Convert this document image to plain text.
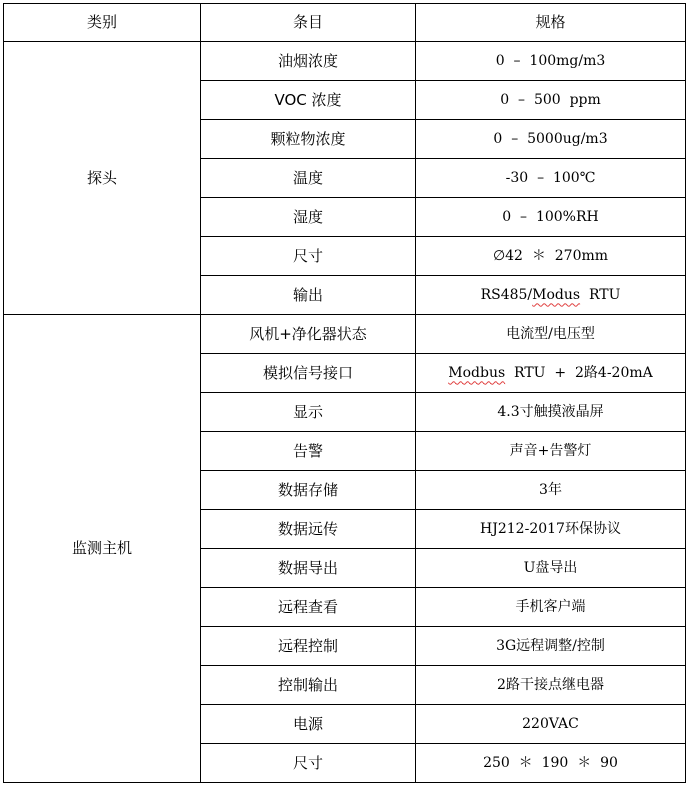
类别	条目	规格
探头	油烟浓度	0  –  100mg/m3
	VOC 浓度	0  –  500  ppm
	颗粒物浓度	0  –  5000ug/m3
	温度	-30  –  100℃
	湿度	0  –  100%RH
	尺寸	∅42  ＊  270mm
	输出	RS485/Modus  RTU
监测主机	风机+净化器状态	电流型/电压型
	模拟信号接口	Modbus  RTU  +  2路4-20mA
	显示	4.3寸触摸液晶屏
	告警	声音+告警灯
	数据存储	3年
	数据远传	HJ212-2017环保协议
	数据导出	U盘导出
	远程查看	手机客户端
	远程控制	3G远程调整/控制
	控制输出	2路干接点继电器
	电源	220VAC
	尺寸	250  ＊  190  ＊  90
